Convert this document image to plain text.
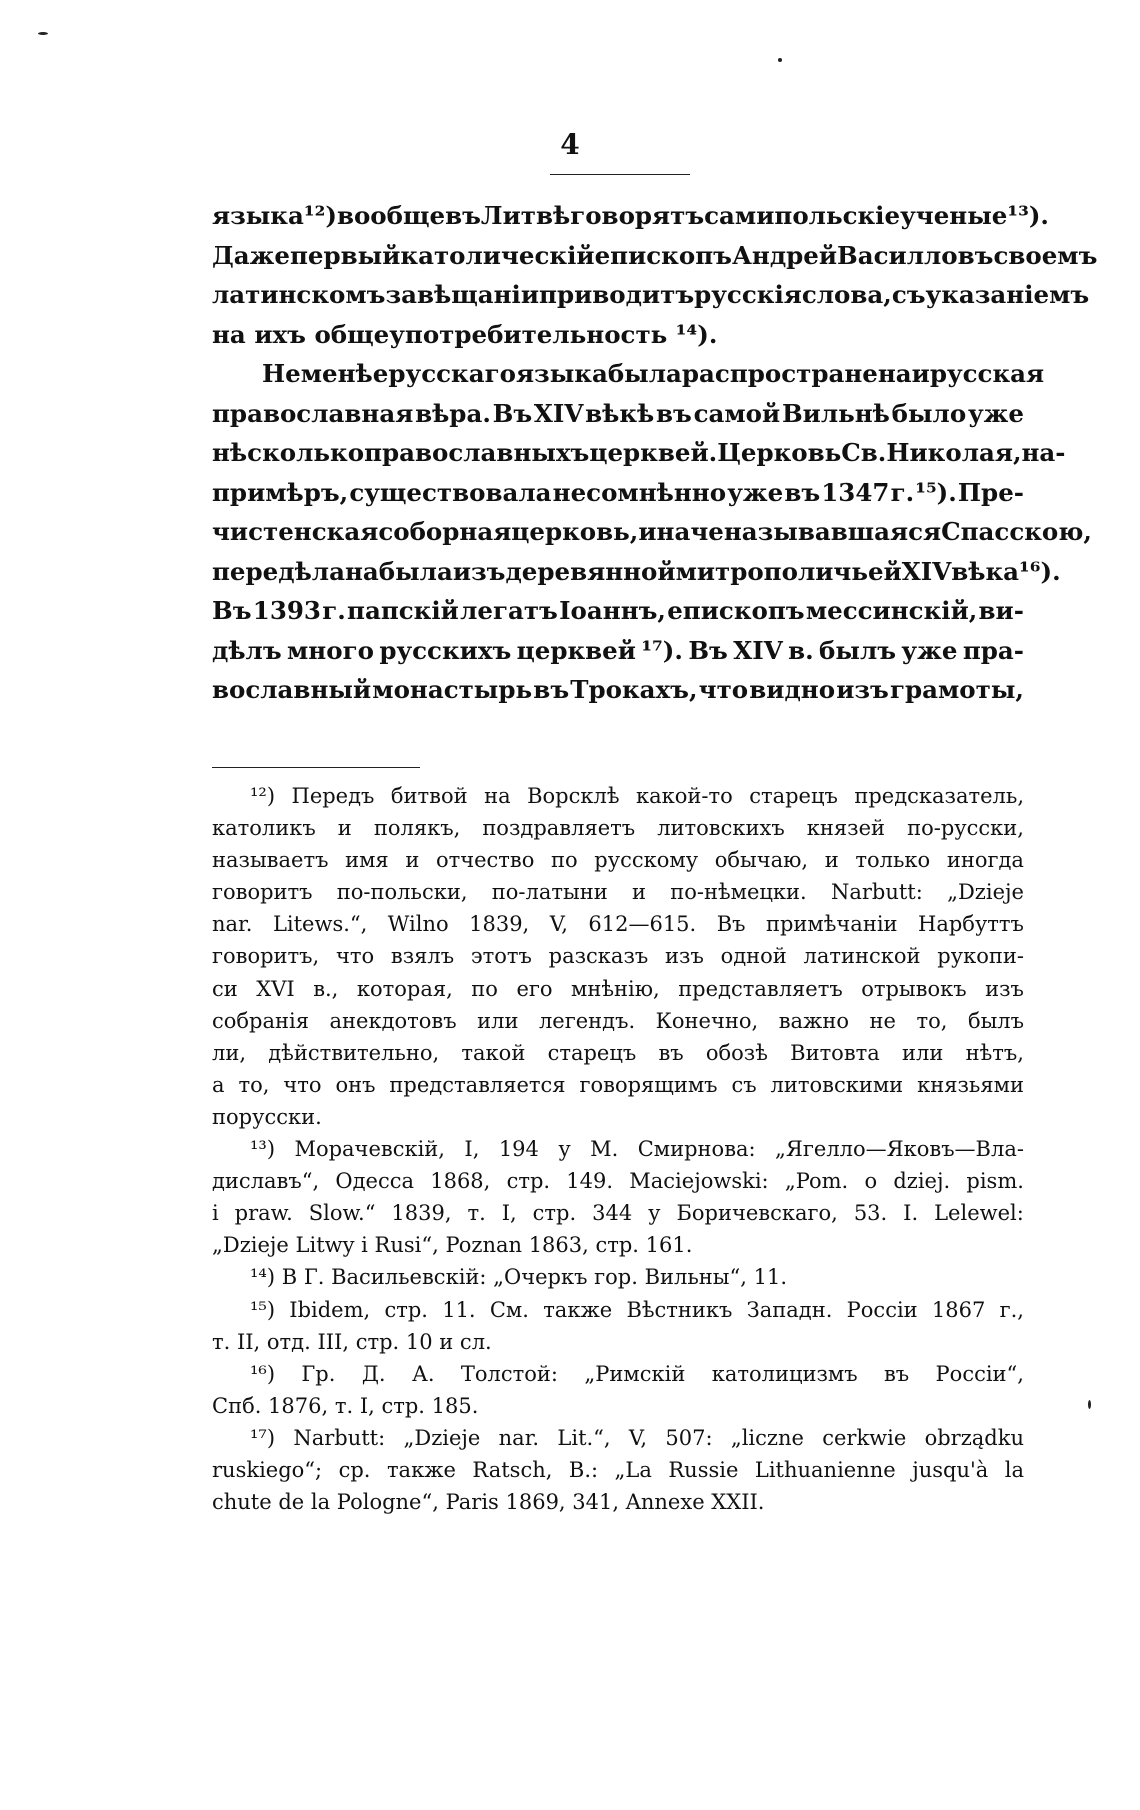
4
языка ¹²) вообще въ Литвѣ говорятъ сами польскіе ученые ¹³).
Даже первый католическій епископъ Андрей Василло въ своемъ
латинскомъ завѣщаніи приводитъ русскія слова, съ указаніемъ
на ихъ общеупотребительность ¹⁴).
Не менѣе русскаго языка была распространена и русская
православная вѣра. Въ XIV вѣкѣ въ самой Вильнѣ было уже
нѣсколько православныхъ церквей. Церковь Св. Николая, на-
примѣръ, существовала несомнѣнно уже въ 1347 г. ¹⁵). Пре-
чистенская соборная церковь, иначе называвшаяся Спасскою,
передѣлана была изъ деревянной митрополичьей XIV вѣка ¹⁶).
Въ 1393 г. папскій легатъ Іоаннъ, епископъ мессинскій, ви-
дѣлъ много русскихъ церквей ¹⁷). Въ XIV в. былъ уже пра-
вославный монастырь въ Трокахъ, что видно изъ грамоты,
¹²) Передъ битвой на Ворсклѣ какой-то старецъ предсказатель,
католикъ и полякъ, поздравляетъ литовскихъ князей по-русски,
называетъ имя и отчество по русскому обычаю, и только иногда
говоритъ по-польски, по-латыни и по-нѣмецки. Narbutt: „Dzieje
nar. Litews.“, Wilno 1839, V, 612—615. Въ примѣчаніи Нарбуттъ
говоритъ, что взялъ этотъ разсказъ изъ одной латинской рукопи-
си XVI в., которая, по его мнѣнію, представляетъ отрывокъ изъ
собранія анекдотовъ или легендъ. Конечно, важно не то, былъ
ли, дѣйствительно, такой старецъ въ обозѣ Витовта или нѣтъ,
а то, что онъ представляется говорящимъ съ литовскими князьями
порусски.
¹³) Морачевскій, I, 194 у М. Смирнова: „Ягелло—Яковъ—Вла-
диславъ“, Одесса 1868, стр. 149. Maciejowski: „Pom. o dziej. pism.
i praw. Slow.“ 1839, т. I, стр. 344 у Боричевскаго, 53. I. Lelewel:
„Dzieje Litwy i Rusi“, Poznan 1863, стр. 161.
¹⁴) В Г. Васильевскій: „Очеркъ гор. Вильны“, 11.
¹⁵) Ibidem, стр. 11. См. также Вѣстникъ Западн. Россіи 1867 г.,
т. II, отд. III, стр. 10 и сл.
¹⁶) Гр. Д. А. Толстой: „Римскій католицизмъ въ Россіи“,
Спб. 1876, т. I, стр. 185.
¹⁷) Narbutt: „Dzieje nar. Lit.“, V, 507: „liczne cerkwie obrządku
ruskiego“; ср. также Ratsch, B.: „La Russie Lithuanienne jusqu'à la
chute de la Pologne“, Paris 1869, 341, Annexe XXII.
